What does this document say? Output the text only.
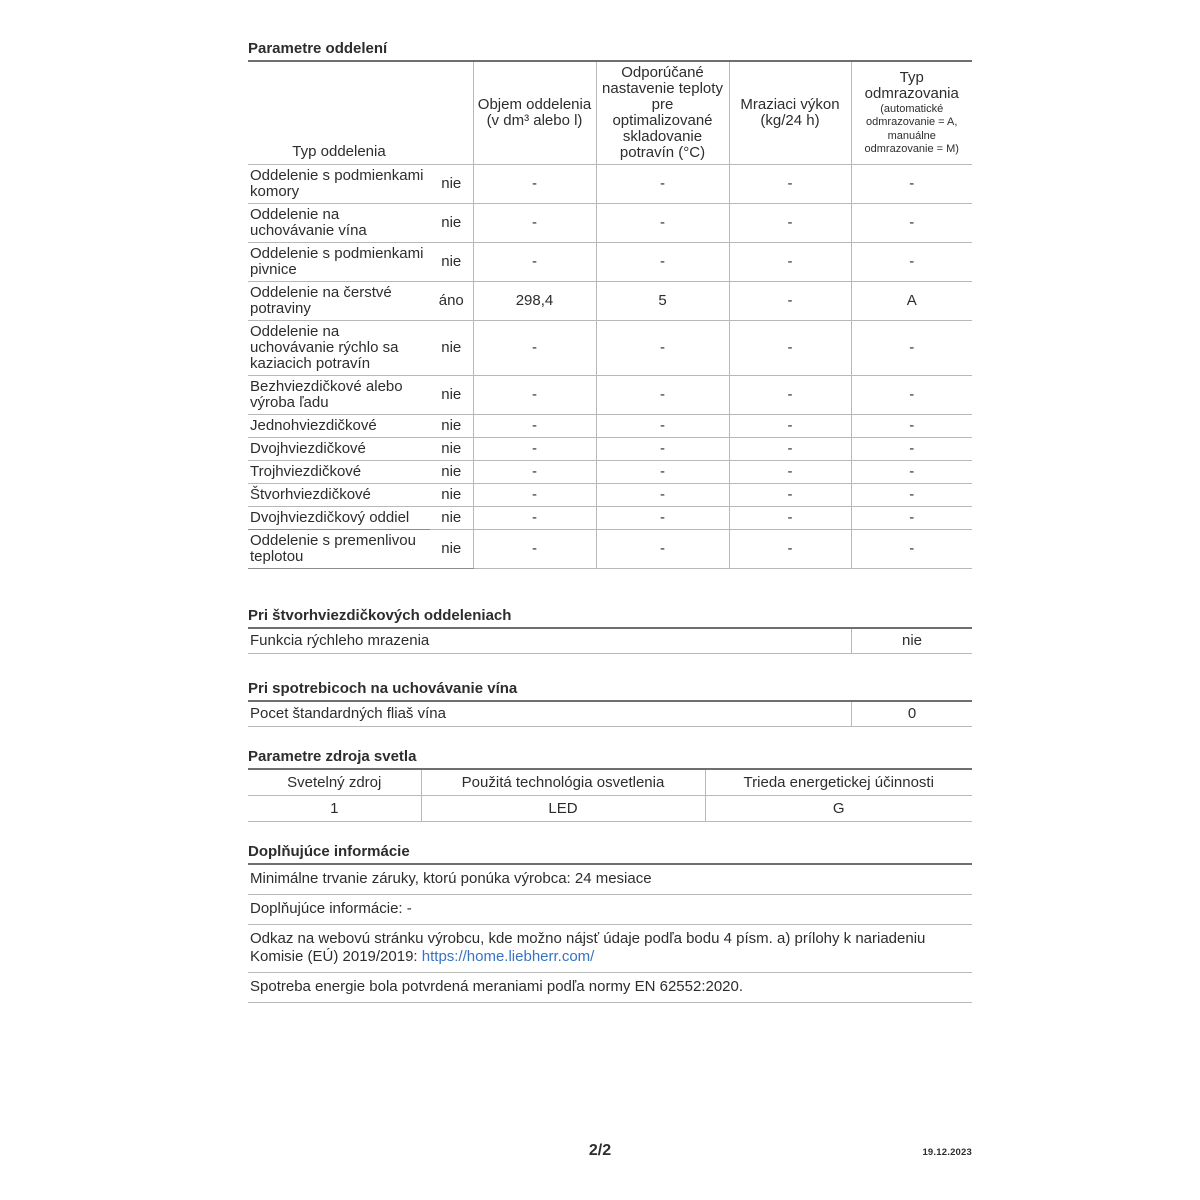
Parametre oddelení
Typ oddelenia		Objem oddelenia (v dm³ alebo l)	Odporúčané nastavenie teploty pre optimalizované skladovanie potravín (°C)	Mraziaci výkon (kg/24 h)	Typ odmrazovania
(automatické odmrazovanie = A, manuálne odmrazovanie = M)

Oddelenie s podmienkami komory	nie	-	-	-	-
Oddelenie na uchovávanie vína	nie	-	-	-	-
Oddelenie s podmienkami pivnice	nie	-	-	-	-
Oddelenie na čerstvé potraviny	áno	298,4	5	-	A
Oddelenie na uchovávanie rýchlo sa kaziacich potravín	nie	-	-	-	-
Bezhviezdičkové alebo výroba ľadu	nie	-	-	-	-
Jednohviezdičkové	nie	-	-	-	-
Dvojhviezdičkové	nie	-	-	-	-
Trojhviezdičkové	nie	-	-	-	-
Štvorhviezdičkové	nie	-	-	-	-
Dvojhviezdičkový oddiel	nie	-	-	-	-
Oddelenie s premenlivou teplotou	nie	-	-	-	-
Pri štvorhviezdičkových oddeleniach
Funkcia rýchleho mrazenia	nie
Pri spotrebicoch na uchovávanie vína
Pocet štandardných fliaš vína	0
Parametre zdroja svetla
Svetelný zdroj	Použitá technológia osvetlenia	Trieda energetickej účinnosti
1	LED	G
Doplňujúce informácie
Minimálne trvanie záruky, ktorú ponúka výrobca: 24 mesiace
Doplňujúce informácie: -
Odkaz na webovú stránku výrobcu, kde možno nájsť údaje podľa bodu 4 písm. a) prílohy k nariadeniu Komisie (EÚ) 2019/2019: https://home.liebherr.com/
Spotreba energie bola potvrdená meraniami podľa normy EN 62552:2020.
2/2	19.12.2023
